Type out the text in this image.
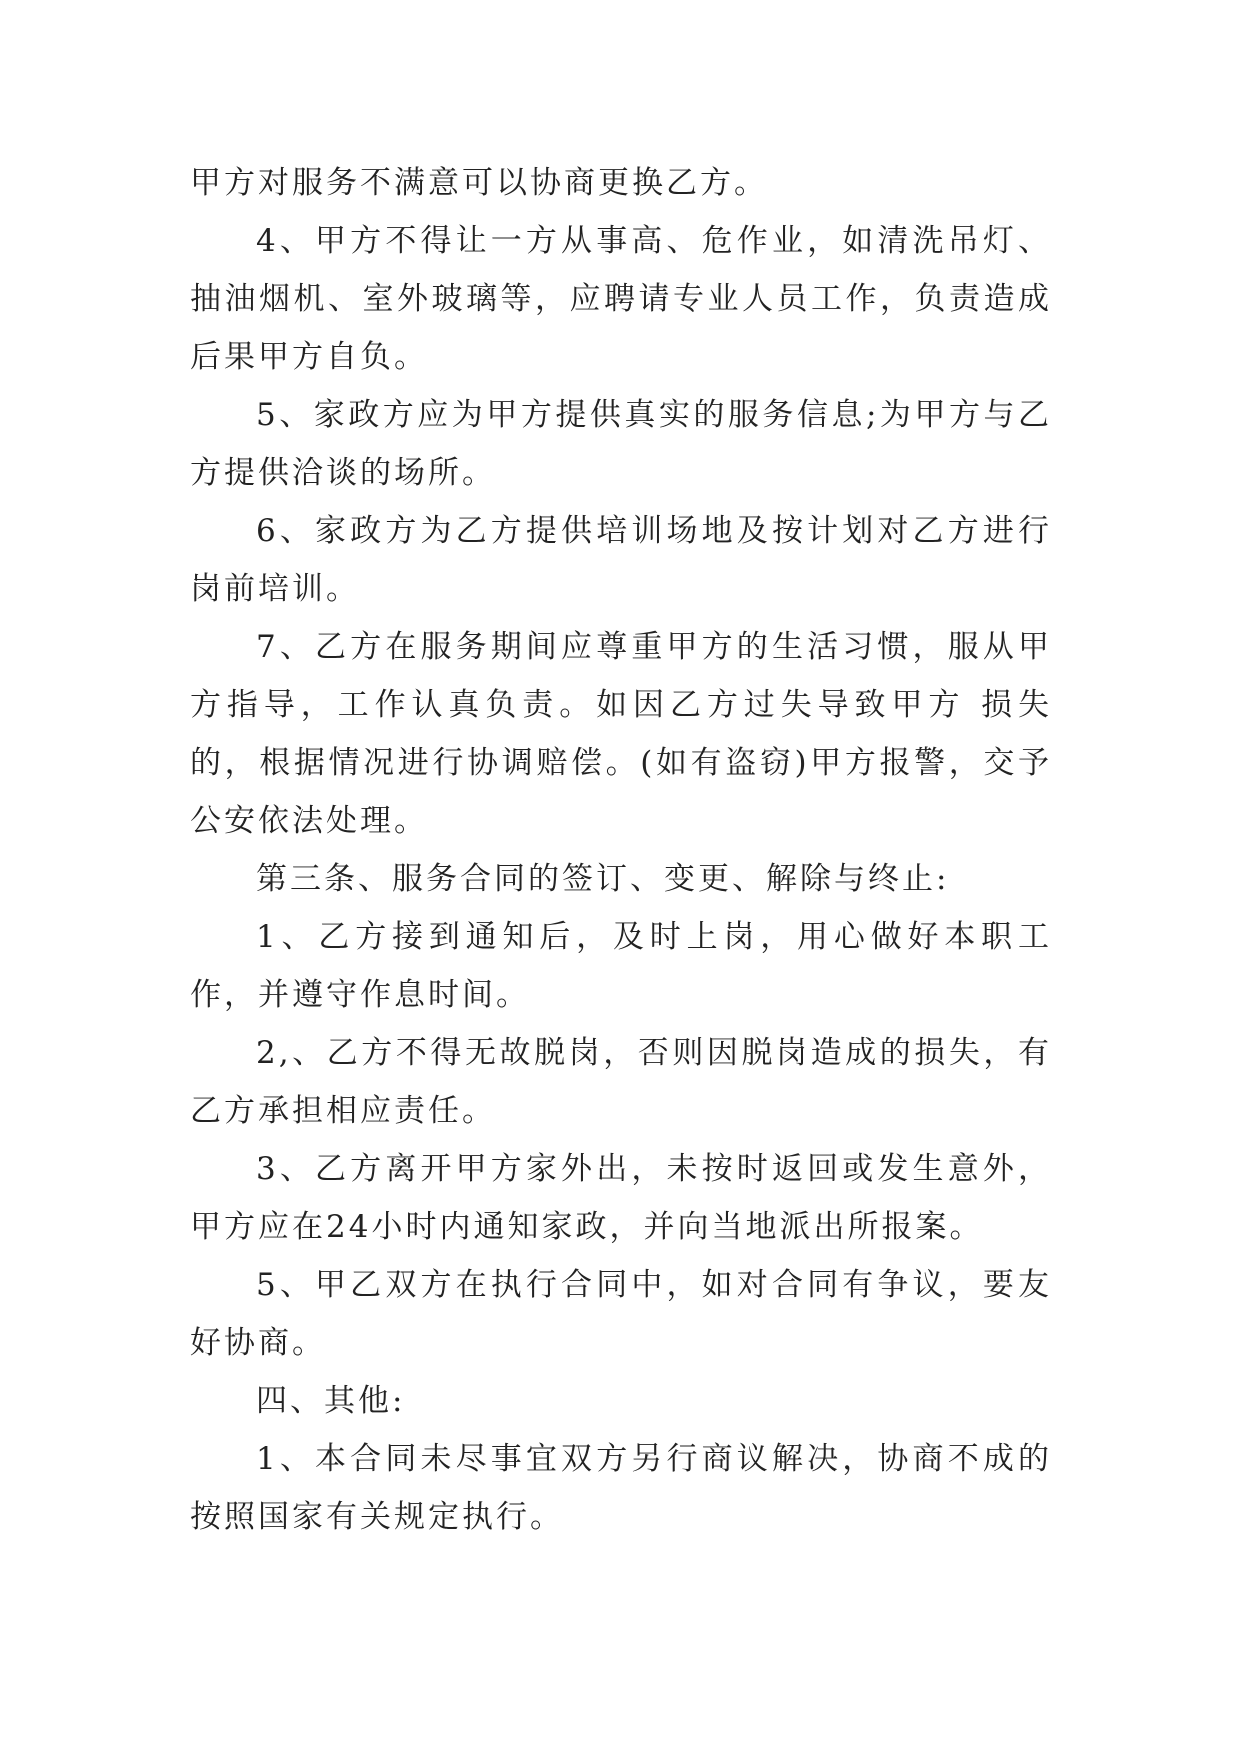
甲方对服务不满意可以协商更换乙方。

4、甲方不得让一方从事高、危作业，如清洗吊灯、抽油烟机、室外玻璃等，应聘请专业人员工作，负责造成后果甲方自负。

5、家政方应为甲方提供真实的服务信息;为甲方与乙方提供洽谈的场所。

6、家政方为乙方提供培训场地及按计划对乙方进行岗前培训。

7、乙方在服务期间应尊重甲方的生活习惯，服从甲方指导，工作认真负责。如因乙方过失导致甲方 损失的，根据情况进行协调赔偿。(如有盗窃)甲方报警，交予公安依法处理。

第三条、服务合同的签订、变更、解除与终止:

1、乙方接到通知后，及时上岗，用心做好本职工作，并遵守作息时间。

2,、乙方不得无故脱岗，否则因脱岗造成的损失，有乙方承担相应责任。

3、乙方离开甲方家外出，未按时返回或发生意外，甲方应在24小时内通知家政，并向当地派出所报案。

5、甲乙双方在执行合同中，如对合同有争议，要友好协商。

四、其他:

1、本合同未尽事宜双方另行商议解决，协商不成的按照国家有关规定执行。
